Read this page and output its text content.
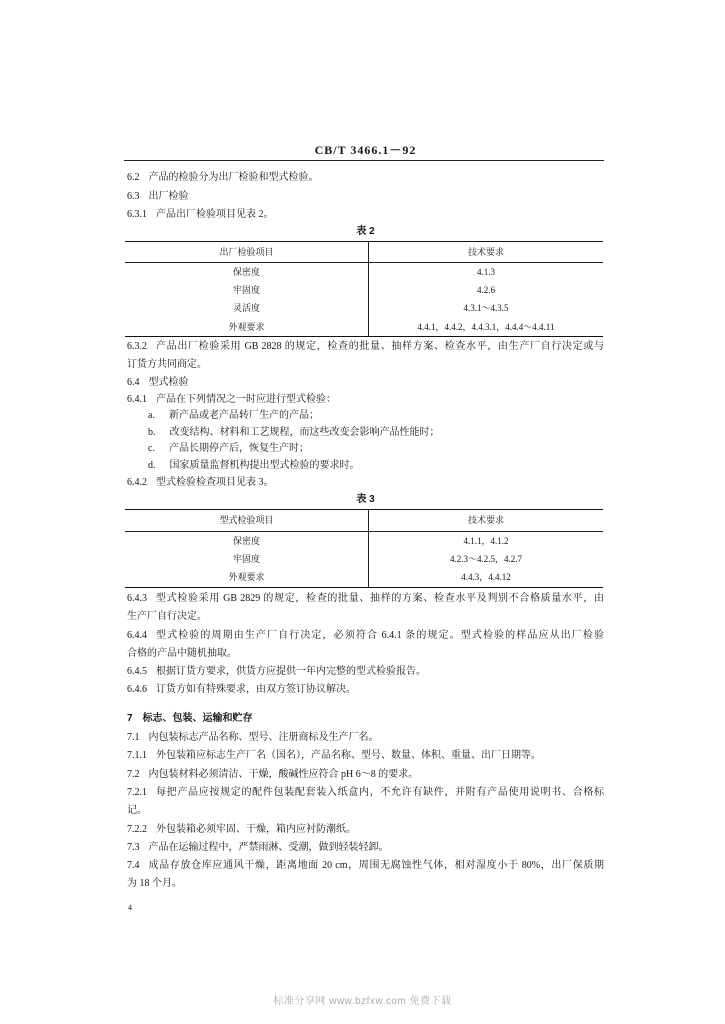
CB/T 3466.1－92
6.2 产品的检验分为出厂检验和型式检验。
6.3 出厂检验
6.3.1 产品出厂检验项目见表 2。
表 2
出厂检验项目	技术要求
保密度	4.1.3
牢固度	4.2.6
灵活度	4.3.1～4.3.5
外观要求	4.4.1，4.4.2，4.4.3.1，4.4.4～4.4.11
6.3.2 产品出厂检验采用 GB 2828 的规定，检查的批量、抽样方案、检查水平，由生产厂自行决定或与
订货方共同商定。
6.4 型式检验
6.4.1 产品在下列情况之一时应进行型式检验：
a. 新产品或老产品转厂生产的产品；
b. 改变结构、材料和工艺规程，而这些改变会影响产品性能时；
c. 产品长期停产后，恢复生产时；
d. 国家质量监督机构提出型式检验的要求时。
6.4.2 型式检验检查项目见表 3。
表 3
型式检验项目	技术要求
保密度	4.1.1，4.1.2
牢固度	4.2.3～4.2.5，4.2.7
外观要求	4.4.3，4.4.12
6.4.3 型式检验采用 GB 2829 的规定，检查的批量、抽样的方案、检查水平及判别不合格质量水平，由
生产厂自行决定。
6.4.4 型式检验的周期由生产厂自行决定，必须符合 6.4.1 条的规定。型式检验的样品应从出厂检验
合格的产品中随机抽取。
6.4.5 根据订货方要求，供货方应提供一年内完整的型式检验报告。
6.4.6 订货方如有特殊要求，由双方签订协议解决。
7 标志、包装、运输和贮存
7.1 内包装标志产品名称、型号、注册商标及生产厂名。
7.1.1 外包装箱应标志生产厂名（国名），产品名称、型号、数量、体积、重量、出厂日期等。
7.2 内包装材料必须清洁、干燥，酸碱性应符合 pH 6～8 的要求。
7.2.1 每把产品应按规定的配件包装配套装入纸盒内，不允许有缺件，并附有产品使用说明书、合格标
记。
7.2.2 外包装箱必须牢固、干燥，箱内应衬防潮纸。
7.3 产品在运输过程中，严禁雨淋、受潮，做到轻装轻卸。
7.4 成品存放仓库应通风干燥，距离地面 20 cm，周围无腐蚀性气体，相对湿度小于 80%，出厂保质期
为 18 个月。
4
标准分享网 www.bzfxw.com 免费下载
